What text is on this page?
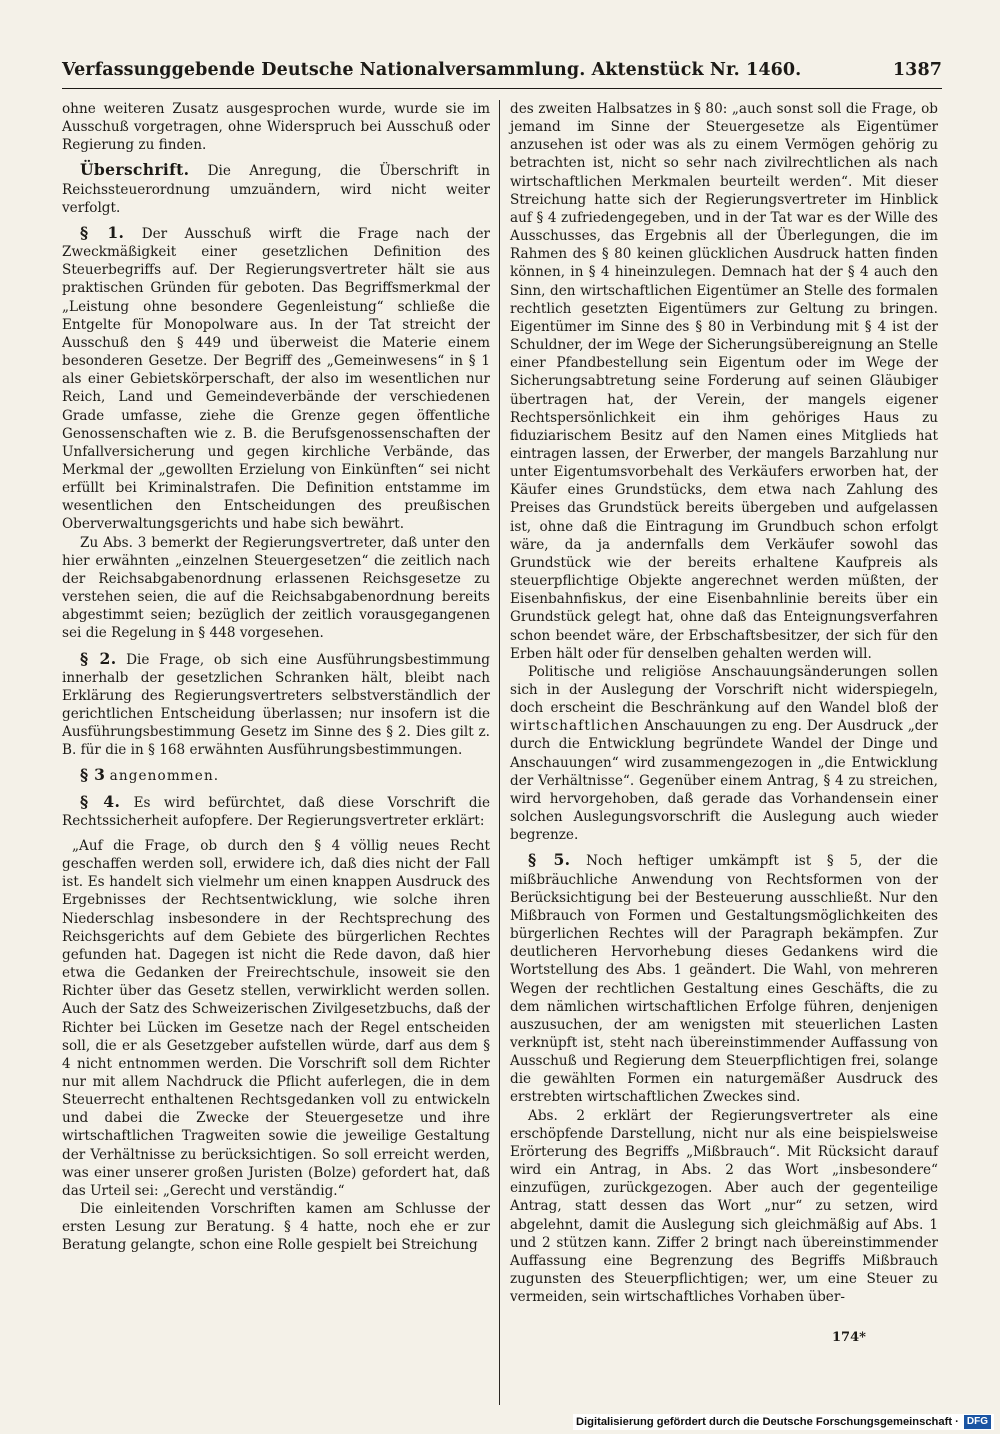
Verfassunggebende Deutsche Nationalversammlung. Aktenstück Nr. 1460.	1387

ohne weiteren Zusatz ausgesprochen wurde, wurde sie im Ausschuß vorgetragen, ohne Widerspruch bei Ausschuß oder Regierung zu finden.

Überschrift. Die Anregung, die Überschrift in Reichssteuerordnung umzuändern, wird nicht weiter verfolgt.

§ 1. Der Ausschuß wirft die Frage nach der Zweckmäßigkeit einer gesetzlichen Definition des Steuerbegriffs auf. Der Regierungsvertreter hält sie aus praktischen Gründen für geboten. Das Begriffsmerkmal der „Leistung ohne besondere Gegenleistung“ schließe die Entgelte für Monopolware aus. In der Tat streicht der Ausschuß den § 449 und überweist die Materie einem besonderen Gesetze. Der Begriff des „Gemeinwesens“ in § 1 als einer Gebietskörperschaft, der also im wesentlichen nur Reich, Land und Gemeindeverbände der verschiedenen Grade umfasse, ziehe die Grenze gegen öffentliche Genossenschaften wie z. B. die Berufsgenossenschaften der Unfallversicherung und gegen kirchliche Verbände, das Merkmal der „gewollten Erzielung von Einkünften“ sei nicht erfüllt bei Kriminalstrafen. Die Definition entstamme im wesentlichen den Entscheidungen des preußischen Oberverwaltungsgerichts und habe sich bewährt.

Zu Abs. 3 bemerkt der Regierungsvertreter, daß unter den hier erwähnten „einzelnen Steuergesetzen“ die zeitlich nach der Reichsabgabenordnung erlassenen Reichsgesetze zu verstehen seien, die auf die Reichsabgabenordnung bereits abgestimmt seien; bezüglich der zeitlich vorausgegangenen sei die Regelung in § 448 vorgesehen.

§ 2. Die Frage, ob sich eine Ausführungsbestimmung innerhalb der gesetzlichen Schranken hält, bleibt nach Erklärung des Regierungsvertreters selbstverständlich der gerichtlichen Entscheidung überlassen; nur insofern ist die Ausführungsbestimmung Gesetz im Sinne des § 2. Dies gilt z. B. für die in § 168 erwähnten Ausführungsbestimmungen.

§ 3 angenommen.

§ 4. Es wird befürchtet, daß diese Vorschrift die Rechtssicherheit aufopfere. Der Regierungsvertreter erklärt:

„Auf die Frage, ob durch den § 4 völlig neues Recht geschaffen werden soll, erwidere ich, daß dies nicht der Fall ist. Es handelt sich vielmehr um einen knappen Ausdruck des Ergebnisses der Rechtsentwicklung, wie solche ihren Niederschlag insbesondere in der Rechtsprechung des Reichsgerichts auf dem Gebiete des bürgerlichen Rechtes gefunden hat. Dagegen ist nicht die Rede davon, daß hier etwa die Gedanken der Freirechtschule, insoweit sie den Richter über das Gesetz stellen, verwirklicht werden sollen. Auch der Satz des Schweizerischen Zivilgesetzbuchs, daß der Richter bei Lücken im Gesetze nach der Regel entscheiden soll, die er als Gesetzgeber aufstellen würde, darf aus dem § 4 nicht entnommen werden. Die Vorschrift soll dem Richter nur mit allem Nachdruck die Pflicht auferlegen, die in dem Steuerrecht enthaltenen Rechtsgedanken voll zu entwickeln und dabei die Zwecke der Steuergesetze und ihre wirtschaftlichen Tragweiten sowie die jeweilige Gestaltung der Verhältnisse zu berücksichtigen. So soll erreicht werden, was einer unserer großen Juristen (Bolze) gefordert hat, daß das Urteil sei: „Gerecht und verständig.“

Die einleitenden Vorschriften kamen am Schlusse der ersten Lesung zur Beratung. § 4 hatte, noch ehe er zur Beratung gelangte, schon eine Rolle gespielt bei Streichung

des zweiten Halbsatzes in § 80: „auch sonst soll die Frage, ob jemand im Sinne der Steuergesetze als Eigentümer anzusehen ist oder was als zu einem Vermögen gehörig zu betrachten ist, nicht so sehr nach zivilrechtlichen als nach wirtschaftlichen Merkmalen beurteilt werden“. Mit dieser Streichung hatte sich der Regierungsvertreter im Hinblick auf § 4 zufriedengegeben, und in der Tat war es der Wille des Ausschusses, das Ergebnis all der Überlegungen, die im Rahmen des § 80 keinen glücklichen Ausdruck hatten finden können, in § 4 hineinzulegen. Demnach hat der § 4 auch den Sinn, den wirtschaftlichen Eigentümer an Stelle des formalen rechtlich gesetzten Eigentümers zur Geltung zu bringen. Eigentümer im Sinne des § 80 in Verbindung mit § 4 ist der Schuldner, der im Wege der Sicherungsübereignung an Stelle einer Pfandbestellung sein Eigentum oder im Wege der Sicherungsabtretung seine Forderung auf seinen Gläubiger übertragen hat, der Verein, der mangels eigener Rechtspersönlichkeit ein ihm gehöriges Haus zu fiduziarischem Besitz auf den Namen eines Mitglieds hat eintragen lassen, der Erwerber, der mangels Barzahlung nur unter Eigentumsvorbehalt des Verkäufers erworben hat, der Käufer eines Grundstücks, dem etwa nach Zahlung des Preises das Grundstück bereits übergeben und aufgelassen ist, ohne daß die Eintragung im Grundbuch schon erfolgt wäre, da ja andernfalls dem Verkäufer sowohl das Grundstück wie der bereits erhaltene Kaufpreis als steuerpflichtige Objekte angerechnet werden müßten, der Eisenbahnfiskus, der eine Eisenbahnlinie bereits über ein Grundstück gelegt hat, ohne daß das Enteignungsverfahren schon beendet wäre, der Erbschaftsbesitzer, der sich für den Erben hält oder für denselben gehalten werden will.

Politische und religiöse Anschauungsänderungen sollen sich in der Auslegung der Vorschrift nicht widerspiegeln, doch erscheint die Beschränkung auf den Wandel bloß der wirtschaftlichen Anschauungen zu eng. Der Ausdruck „der durch die Entwicklung begründete Wandel der Dinge und Anschauungen“ wird zusammengezogen in „die Entwicklung der Verhältnisse“. Gegenüber einem Antrag, § 4 zu streichen, wird hervorgehoben, daß gerade das Vorhandensein einer solchen Auslegungsvorschrift die Auslegung auch wieder begrenze.

§ 5. Noch heftiger umkämpft ist § 5, der die mißbräuchliche Anwendung von Rechtsformen von der Berücksichtigung bei der Besteuerung ausschließt. Nur den Mißbrauch von Formen und Gestaltungsmöglichkeiten des bürgerlichen Rechtes will der Paragraph bekämpfen. Zur deutlicheren Hervorhebung dieses Gedankens wird die Wortstellung des Abs. 1 geändert. Die Wahl, von mehreren Wegen der rechtlichen Gestaltung eines Geschäfts, die zu dem nämlichen wirtschaftlichen Erfolge führen, denjenigen auszusuchen, der am wenigsten mit steuerlichen Lasten verknüpft ist, steht nach übereinstimmender Auffassung von Ausschuß und Regierung dem Steuerpflichtigen frei, solange die gewählten Formen ein naturgemäßer Ausdruck des erstrebten wirtschaftlichen Zweckes sind.

Abs. 2 erklärt der Regierungsvertreter als eine erschöpfende Darstellung, nicht nur als eine beispielsweise Erörterung des Begriffs „Mißbrauch“. Mit Rücksicht darauf wird ein Antrag, in Abs. 2 das Wort „insbesondere“ einzufügen, zurückgezogen. Aber auch der gegenteilige Antrag, statt dessen das Wort „nur“ zu setzen, wird abgelehnt, damit die Auslegung sich gleichmäßig auf Abs. 1 und 2 stützen kann. Ziffer 2 bringt nach übereinstimmender Auffassung eine Begrenzung des Begriffs Mißbrauch zugunsten des Steuerpflichtigen; wer, um eine Steuer zu vermeiden, sein wirtschaftliches Vorhaben über-

174*
Digitalisierung gefördert durch die Deutsche Forschungsgemeinschaft · DFG
